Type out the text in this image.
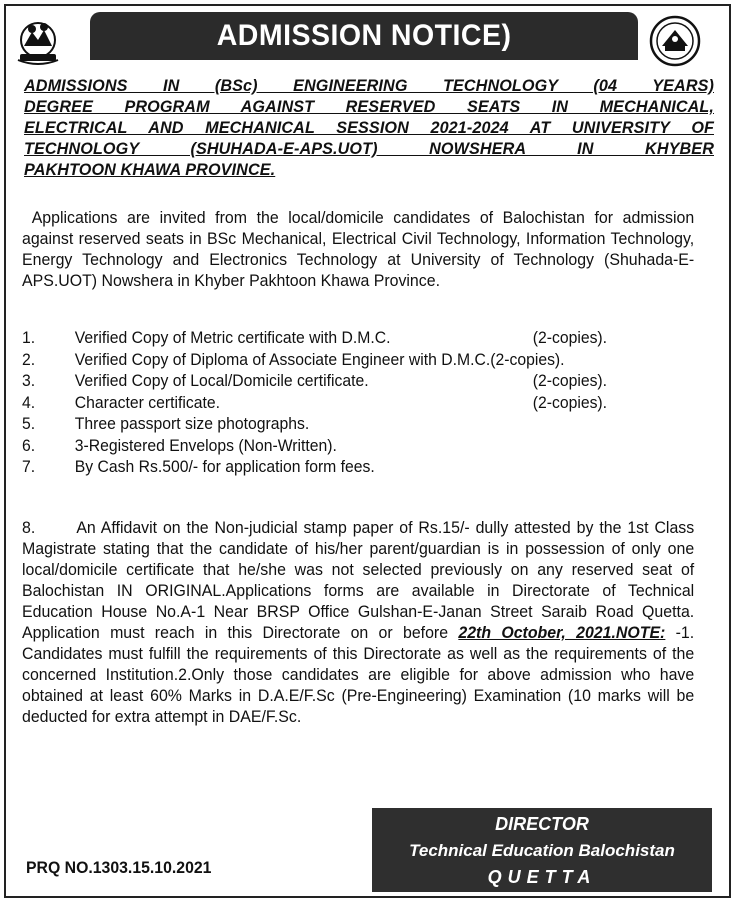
ADMISSION NOTICE)
ADMISSIONS IN (BSc) ENGINEERING TECHNOLOGY (04 YEARS)
DEGREE PROGRAM AGAINST RESERVED SEATS IN MECHANICAL,
ELECTRICAL AND MECHANICAL SESSION 2021-2024 AT UNIVERSITY OF
TECHNOLOGY (SHUHADA-E-APS.UOT) NOWSHERA IN KHYBER
PAKHTOON KHAWA PROVINCE.
Applications are invited from the local/domicile candidates of Balochistan for admission against reserved seats in BSc Mechanical, Electrical Civil Technology, Information Technology, Energy Technology and Electronics Technology at University of Technology (Shuhada-E-APS.UOT) Nowshera in Khyber Pakhtoon Khawa Province.
1.	Verified Copy of Metric certificate with D.M.C.	(2-copies).
2.	Verified Copy of Diploma of Associate Engineer with D.M.C.(2-copies).
3.	Verified Copy of Local/Domicile certificate.	(2-copies).
4.	Character certificate.	(2-copies).
5.	Three passport size photographs.
6.	3-Registered Envelops (Non-Written).
7.	By Cash Rs.500/- for application form fees.
8.	An Affidavit on the Non-judicial stamp paper of Rs.15/- dully attested by the 1st Class Magistrate stating that the candidate of his/her parent/guardian is in possession of only one local/domicile certificate that he/she was not selected previously on any reserved seat of Balochistan IN ORIGINAL.Applications forms are available in Directorate of Technical Education House No.A-1 Near BRSP Office Gulshan-E-Janan Street Saraib Road Quetta. Application must reach in this Directorate on or before 22th October, 2021.NOTE: -1. Candidates must fulfill the requirements of this Directorate as well as the requirements of the concerned Institution.2.Only those candidates are eligible for above admission who have obtained at least 60% Marks in D.A.E/F.Sc (Pre-Engineering) Examination (10 marks will be deducted for extra attempt in DAE/F.Sc.
PRQ NO.1303.15.10.2021
DIRECTOR
Technical Education Balochistan
QUETTA
